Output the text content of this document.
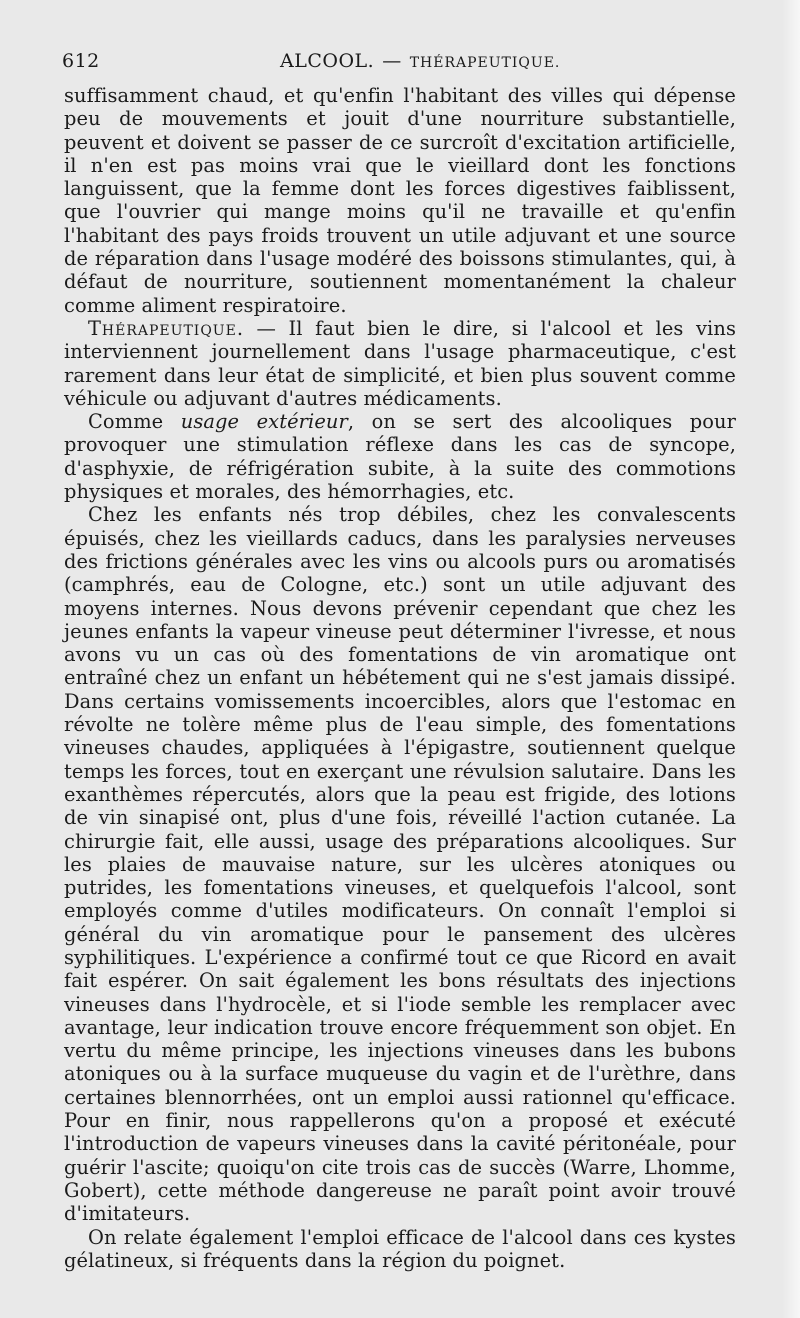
612	ALCOOL. — THÉRAPEUTIQUE.

suffisamment chaud, et qu'enfin l'habitant des villes qui dépense peu de mouvements et jouit d'une nourriture substantielle, peuvent et doivent se passer de ce surcroît d'excitation artificielle, il n'en est pas moins vrai que le vieillard dont les fonctions languissent, que la femme dont les forces digestives faiblissent, que l'ouvrier qui mange moins qu'il ne travaille et qu'enfin l'habitant des pays froids trouvent un utile adjuvant et une source de réparation dans l'usage modéré des boissons stimulantes, qui, à défaut de nourriture, soutiennent momentanément la chaleur comme aliment respiratoire.

Thérapeutique. — Il faut bien le dire, si l'alcool et les vins interviennent journellement dans l'usage pharmaceutique, c'est rarement dans leur état de simplicité, et bien plus souvent comme véhicule ou adjuvant d'autres médicaments.

Comme usage extérieur, on se sert des alcooliques pour provoquer une stimulation réflexe dans les cas de syncope, d'asphyxie, de réfrigération subite, à la suite des commotions physiques et morales, des hémorrhagies, etc.

Chez les enfants nés trop débiles, chez les convalescents épuisés, chez les vieillards caducs, dans les paralysies nerveuses des frictions générales avec les vins ou alcools purs ou aromatisés (camphrés, eau de Cologne, etc.) sont un utile adjuvant des moyens internes. Nous devons prévenir cependant que chez les jeunes enfants la vapeur vineuse peut déterminer l'ivresse, et nous avons vu un cas où des fomentations de vin aromatique ont entraîné chez un enfant un hébétement qui ne s'est jamais dissipé. Dans certains vomissements incoercibles, alors que l'estomac en révolte ne tolère même plus de l'eau simple, des fomentations vineuses chaudes, appliquées à l'épigastre, soutiennent quelque temps les forces, tout en exerçant une révulsion salutaire. Dans les exanthèmes répercutés, alors que la peau est frigide, des lotions de vin sinapisé ont, plus d'une fois, réveillé l'action cutanée. La chirurgie fait, elle aussi, usage des préparations alcooliques. Sur les plaies de mauvaise nature, sur les ulcères atoniques ou putrides, les fomentations vineuses, et quelquefois l'alcool, sont employés comme d'utiles modificateurs. On connaît l'emploi si général du vin aromatique pour le pansement des ulcères syphilitiques. L'expérience a confirmé tout ce que Ricord en avait fait espérer. On sait également les bons résultats des injections vineuses dans l'hydrocèle, et si l'iode semble les remplacer avec avantage, leur indication trouve encore fréquemment son objet. En vertu du même principe, les injections vineuses dans les bubons atoniques ou à la surface muqueuse du vagin et de l'urèthre, dans certaines blennorrhées, ont un emploi aussi rationnel qu'efficace. Pour en finir, nous rappellerons qu'on a proposé et exécuté l'introduction de vapeurs vineuses dans la cavité péritonéale, pour guérir l'ascite; quoiqu'on cite trois cas de succès (Warre, Lhomme, Gobert), cette méthode dangereuse ne paraît point avoir trouvé d'imitateurs.

On relate également l'emploi efficace de l'alcool dans ces kystes gélatineux, si fréquents dans la région du poignet.
